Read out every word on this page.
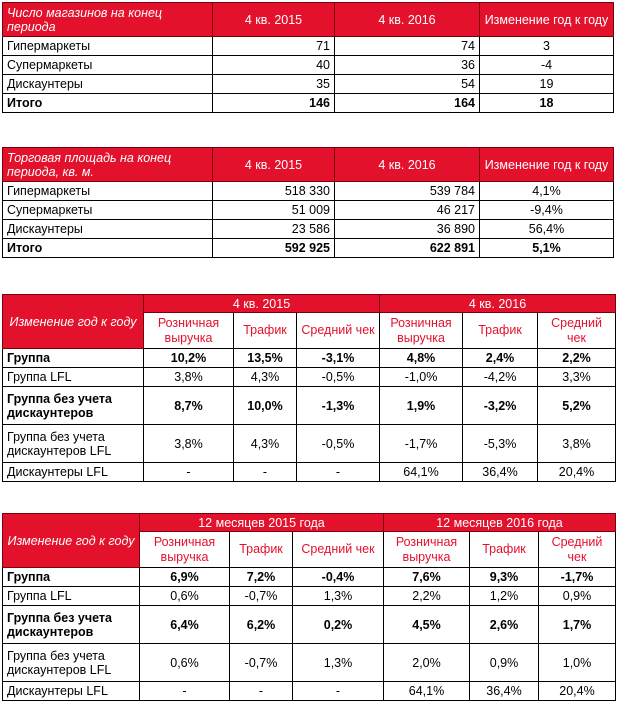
Число магазинов на конец периода	4 кв. 2015	4 кв. 2016	Изменение год к году
Гипермаркеты	71	74	3
Супермаркеты	40	36	-4
Дискаунтеры	35	54	19
Итого	146	164	18
Торговая площадь на конец периода, кв. м.	4 кв. 2015	4 кв. 2016	Изменение год к году
Гипермаркеты	518 330	539 784	4,1%
Супермаркеты	51 009	46 217	-9,4%
Дискаунтеры	23 586	36 890	56,4%
Итого	592 925	622 891	5,1%
Изменение год к году	4 кв. 2015			4 кв. 2016		
	Розничная выручка	Трафик	Средний чек	Розничная выручка	Трафик	Средний чек
Группа	10,2%	13,5%	-3,1%	4,8%	2,4%	2,2%
Группа LFL	3,8%	4,3%	-0,5%	-1,0%	-4,2%	3,3%
Группа без учета дискаунтеров	8,7%	10,0%	-1,3%	1,9%	-3,2%	5,2%
Группа без учета дискаунтеров LFL	3,8%	4,3%	-0,5%	-1,7%	-5,3%	3,8%
Дискаунтеры LFL	-	-	-	64,1%	36,4%	20,4%
Изменение год к году	12 месяцев 2015 года			12 месяцев 2016 года		
	Розничная выручка	Трафик	Средний чек	Розничная выручка	Трафик	Средний чек
Группа	6,9%	7,2%	-0,4%	7,6%	9,3%	-1,7%
Группа LFL	0,6%	-0,7%	1,3%	2,2%	1,2%	0,9%
Группа без учета дискаунтеров	6,4%	6,2%	0,2%	4,5%	2,6%	1,7%
Группа без учета дискаунтеров LFL	0,6%	-0,7%	1,3%	2,0%	0,9%	1,0%
Дискаунтеры LFL	-	-	-	64,1%	36,4%	20,4%
